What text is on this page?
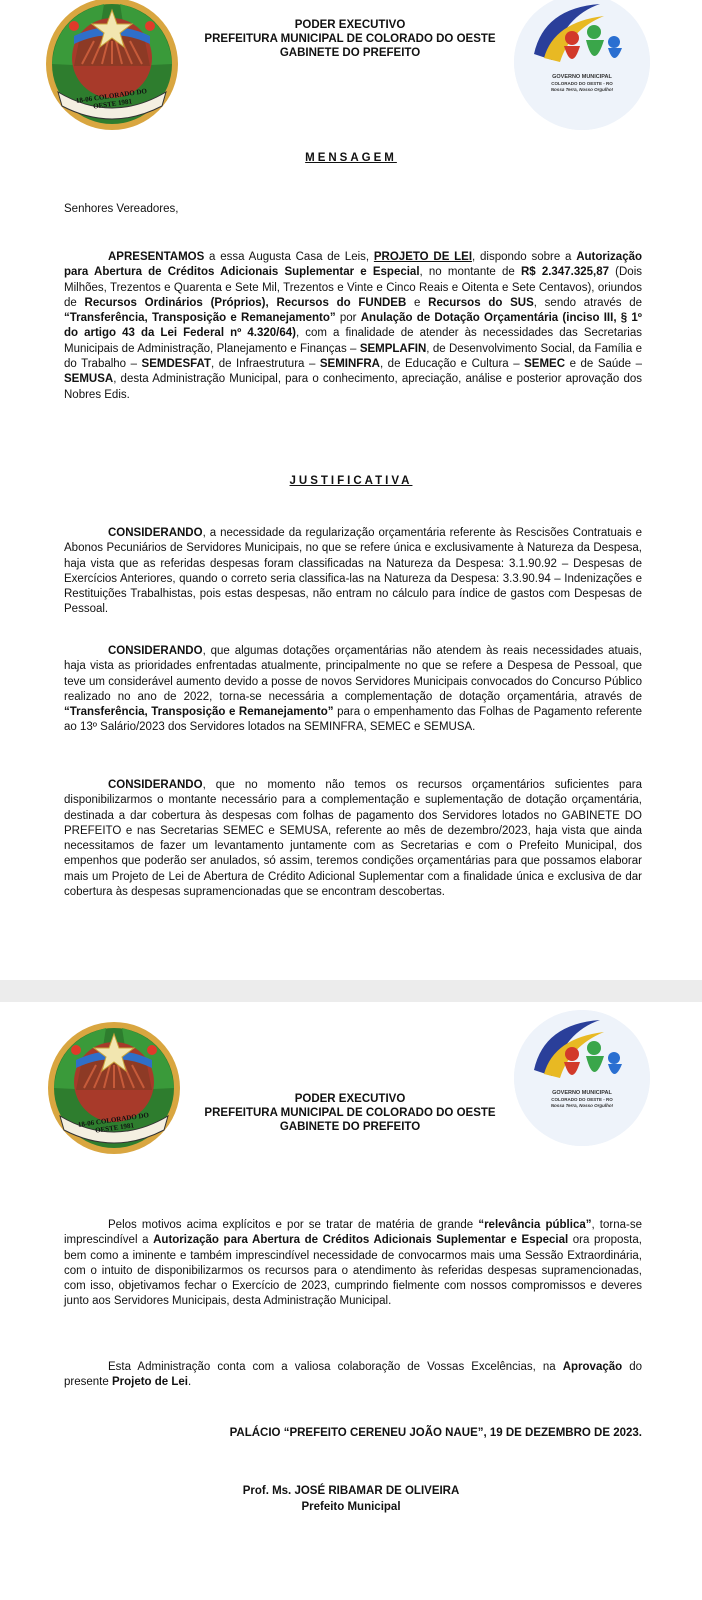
18-06 COLORADO DO OESTE 1981
PODER EXECUTIVO
PREFEITURA MUNICIPAL DE COLORADO DO OESTE
GABINETE DO PREFEITO
GOVERNO MUNICIPAL
COLORADO DO OESTE - RO
Nossa Terra, Nosso Orgulho!
MENSAGEM
Senhores Vereadores,
APRESENTAMOS a essa Augusta Casa de Leis, PROJETO DE LEI, dispondo sobre a Autorização para Abertura de Créditos Adicionais Suplementar e Especial, no montante de R$ 2.347.325,87 (Dois Milhões, Trezentos e Quarenta e Sete Mil, Trezentos e Vinte e Cinco Reais e Oitenta e Sete Centavos), oriundos de Recursos Ordinários (Próprios), Recursos do FUNDEB e Recursos do SUS, sendo através de “Transferência, Transposição e Remanejamento” por Anulação de Dotação Orçamentária (inciso III, § 1º do artigo 43 da Lei Federal nº 4.320/64), com a finalidade de atender às necessidades das Secretarias Municipais de Administração, Planejamento e Finanças – SEMPLAFIN, de Desenvolvimento Social, da Família e do Trabalho – SEMDESFAT, de Infraestrutura – SEMINFRA, de Educação e Cultura – SEMEC e de Saúde – SEMUSA, desta Administração Municipal, para o conhecimento, apreciação, análise e posterior aprovação dos Nobres Edis.
JUSTIFICATIVA
CONSIDERANDO, a necessidade da regularização orçamentária referente às Rescisões Contratuais e Abonos Pecuniários de Servidores Municipais, no que se refere única e exclusivamente à Natureza da Despesa, haja vista que as referidas despesas foram classificadas na Natureza da Despesa: 3.1.90.92 – Despesas de Exercícios Anteriores, quando o correto seria classifica-las na Natureza da Despesa: 3.3.90.94 – Indenizações e Restituições Trabalhistas, pois estas despesas, não entram no cálculo para índice de gastos com Despesas de Pessoal.
CONSIDERANDO, que algumas dotações orçamentárias não atendem às reais necessidades atuais, haja vista as prioridades enfrentadas atualmente, principalmente no que se refere a Despesa de Pessoal, que teve um considerável aumento devido a posse de novos Servidores Municipais convocados do Concurso Público realizado no ano de 2022, torna-se necessária a complementação de dotação orçamentária, através de “Transferência, Transposição e Remanejamento” para o empenhamento das Folhas de Pagamento referente ao 13º Salário/2023 dos Servidores lotados na SEMINFRA, SEMEC e SEMUSA.
CONSIDERANDO, que no momento não temos os recursos orçamentários suficientes para disponibilizarmos o montante necessário para a complementação e suplementação de dotação orçamentária, destinada a dar cobertura às despesas com folhas de pagamento dos Servidores lotados no GABINETE DO PREFEITO e nas Secretarias SEMEC e SEMUSA, referente ao mês de dezembro/2023, haja vista que ainda necessitamos de fazer um levantamento juntamente com as Secretarias e com o Prefeito Municipal, dos empenhos que poderão ser anulados, só assim, teremos condições orçamentárias para que possamos elaborar mais um Projeto de Lei de Abertura de Crédito Adicional Suplementar com a finalidade única e exclusiva de dar cobertura às despesas supramencionadas que se encontram descobertas.
18-06 COLORADO DO OESTE 1981
PODER EXECUTIVO
PREFEITURA MUNICIPAL DE COLORADO DO OESTE
GABINETE DO PREFEITO
GOVERNO MUNICIPAL
COLORADO DO OESTE - RO
Nossa Terra, Nosso Orgulho!
Pelos motivos acima explícitos e por se tratar de matéria de grande “relevância pública”, torna-se imprescindível a Autorização para Abertura de Créditos Adicionais Suplementar e Especial ora proposta, bem como a iminente e também imprescindível necessidade de convocarmos mais uma Sessão Extraordinária, com o intuito de disponibilizarmos os recursos para o atendimento às referidas despesas supramencionadas, com isso, objetivamos fechar o Exercício de 2023, cumprindo fielmente com nossos compromissos e deveres junto aos Servidores Municipais, desta Administração Municipal.
Esta Administração conta com a valiosa colaboração de Vossas Excelências, na Aprovação do presente Projeto de Lei.
PALÁCIO “PREFEITO CERENEU JOÃO NAUE”, 19 DE DEZEMBRO DE 2023.
Prof. Ms. JOSÉ RIBAMAR DE OLIVEIRA
Prefeito Municipal
